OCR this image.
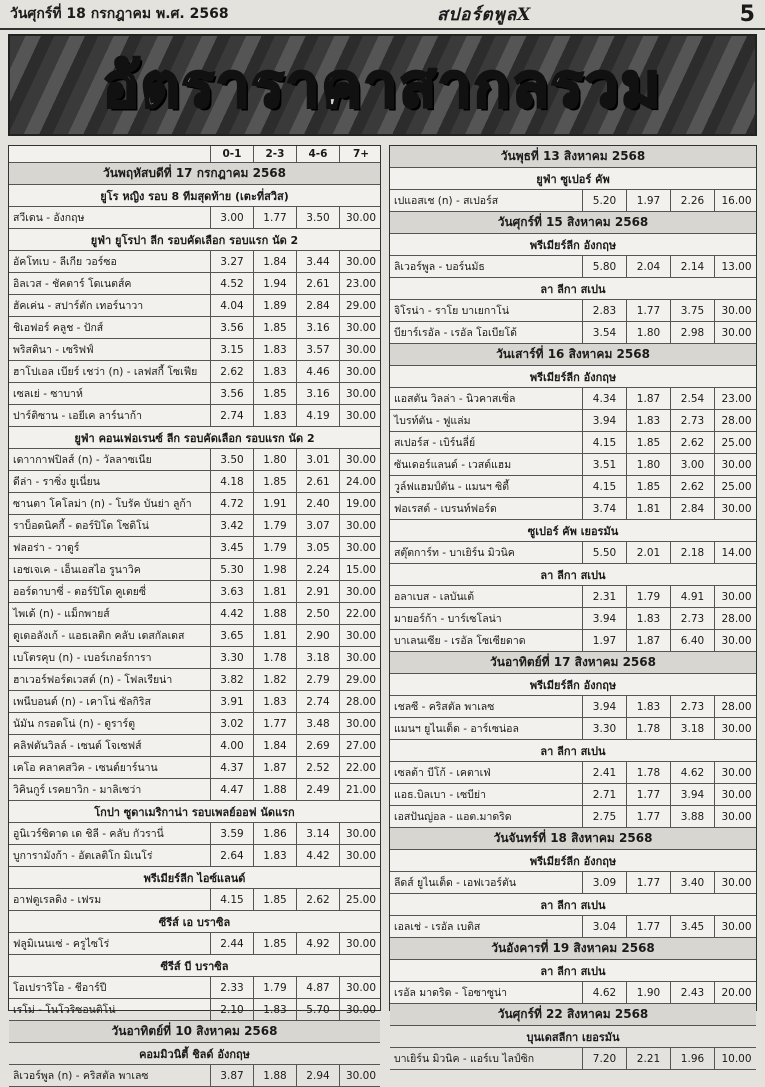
วันศุกร์ที่ 18 กรกฎาคม พ.ศ. 2568	สปอร์ตพูลX	5
อัตราราคาสากลรวม
0-1	2-3	4-6	7+
วันพฤหัสบดีที่ 17 กรกฎาคม 2568
ยูโร หญิง รอบ 8 ทีมสุดท้าย (เตะที่สวิส)
สวีเดน - อังกฤษ	3.00	1.77	3.50	30.00
ยูฟ่า ยูโรปา ลีก รอบคัดเลือก รอบแรก นัด 2
อัคโทเบ - ลีเกีย วอร์ซอ	3.27	1.84	3.44	30.00
อิลเวส - ชัคตาร์ โดเนตส์ค	4.52	1.94	2.61	23.00
ฮัคเค่น - สปาร์ตัก เทอร์นาวา	4.04	1.89	2.84	29.00
ชิเอฟอร์ คลูช - ปักส์	3.56	1.85	3.16	30.00
พริสตินา - เซริฟฟ์	3.15	1.83	3.57	30.00
ฮาโปเอล เบียร์ เชว่า (n) - เลฟสกี้ โซเฟีย	2.62	1.83	4.46	30.00
เซลเย่ - ซาบาห์	3.56	1.85	3.16	30.00
ปาร์ติซาน - เอยีเค ลาร์นาก้า	2.74	1.83	4.19	30.00
ยูฟ่า คอนเฟอเรนซ์ ลีก รอบคัดเลือก รอบแรก นัด 2
เดาากาฟปิลส์ (n) - วัลลาซเนีย	3.50	1.80	3.01	30.00
ดีล่า - ราซิ่ง ยูเนี่ยน	4.18	1.85	2.61	24.00
ซานตา โคโลม่า (n) - โบรัค บันย่า ลูก้า	4.72	1.91	2.40	19.00
ราบ็อดนิคกี้ - ดอร์ปิโด โซดิโน่	3.42	1.79	3.07	30.00
ฟลอร่า - วาดูร์	3.45	1.79	3.05	30.00
เอชเจเค - เอ็นเอสไอ รูนาวิค	5.30	1.98	2.24	15.00
ออร์ดาบาซี่ - ตอร์ปิโด คูเตยซี่	3.63	1.81	2.91	30.00
ไพเด้ (n) - แม็กพายส์	4.42	1.88	2.50	22.00
ดูเดอลังเก้ - แอธเลติก คลับ เดสกัลเดส	3.65	1.81	2.90	30.00
เบโตรคุบ (n) - เบอร์เกอร์การา	3.30	1.78	3.18	30.00
ฮาเวอร์ฟอร์ดเวสต์ (n) - โฟลเรียน่า	3.82	1.82	2.79	29.00
เพนีบอนต์ (n) - เคาโน่ ซัลกิริส	3.91	1.83	2.74	28.00
นัมัน กรอดโน่ (n) - ดูราร์ตู	3.02	1.77	3.48	30.00
คลิฟตันวิลล์ - เซนต์ โจเซฟส์	4.00	1.84	2.69	27.00
เคโอ คลาคสวิค - เซนต์ยาร์นาน	4.37	1.87	2.52	22.00
วิคินกูร์ เรคยาวิก - มาลิเซว่า	4.47	1.88	2.49	21.00
โกปา ซูดาเมริกาน่า รอบเพลย์ออฟ นัดแรก
อูนิเวร์ซิดาด เด ชิลี - คลับ กัวรานี่	3.59	1.86	3.14	30.00
บูการามังก้า - อัตเลติโก มิเนโร่	2.64	1.83	4.42	30.00
พรีเมียร์ลีก ไอซ์แลนด์
อาฟตูเรลดิง - เฟรม	4.15	1.85	2.62	25.00
ซีรีส์ เอ บราซิล
ฟลูมิเนนเซ่ - ครูไซโร่	2.44	1.85	4.92	30.00
ซีรีส์ บี บราซิล
โอเปราริโอ - ชีอาร์ปี	2.33	1.79	4.87	30.00
เรโม่ - โนโวริซอนติโน่	2.10	1.83	5.70	30.00
วันอาทิตย์ที่ 10 สิงหาคม 2568
คอมมิวนิตี้ ชิลด์ อังกฤษ
ลิเวอร์พูล (n) - คริสตัล พาเลซ	3.87	1.88	2.94	30.00
วันพุธที่ 13 สิงหาคม 2568
ยูฟ่า ซูเปอร์ คัพ
เปแอสเช (n) - สเปอร์ส	5.20	1.97	2.26	16.00
วันศุกร์ที่ 15 สิงหาคม 2568
พรีเมียร์ลีก อังกฤษ
ลิเวอร์พูล - บอร์นมัธ	5.80	2.04	2.14	13.00
ลา ลีกา สเปน
จิโรน่า - ราโย บาเยกาโน่	2.83	1.77	3.75	30.00
บียาร์เรอัล - เรอัล โอเบียโด้	3.54	1.80	2.98	30.00
วันเสาร์ที่ 16 สิงหาคม 2568
พรีเมียร์ลีก อังกฤษ
แอสตัน วิลล่า - นิวคาสเซิ่ล	4.34	1.87	2.54	23.00
ไบรท์ตัน - ฟูแล่ม	3.94	1.83	2.73	28.00
สเปอร์ส - เบิร์นลี่ย์	4.15	1.85	2.62	25.00
ซันเดอร์แลนด์ - เวสต์แฮม	3.51	1.80	3.00	30.00
วูล์ฟแฮมป์ตัน - แมนฯ ซิตี้	4.15	1.85	2.62	25.00
ฟอเรสต์ - เบรนท์ฟอร์ด	3.74	1.81	2.84	30.00
ซูเปอร์ คัพ เยอรมัน
สตุ๊ตการ์ท - บาเยิร์น มิวนิค	5.50	2.01	2.18	14.00
ลา ลีกา สเปน
อลาเบส - เลบันเต้	2.31	1.79	4.91	30.00
มายอร์ก้า - บาร์เซโลน่า	3.94	1.83	2.73	28.00
บาเลนเซีย - เรอัล โซเซียดาด	1.97	1.87	6.40	30.00
วันอาทิตย์ที่ 17 สิงหาคม 2568
พรีเมียร์ลีก อังกฤษ
เชลซี - คริสตัล พาเลซ	3.94	1.83	2.73	28.00
แมนฯ ยูไนเต็ด - อาร์เซน่อล	3.30	1.78	3.18	30.00
ลา ลีกา สเปน
เซลต้า บีโก้ - เคตาเฟ่	2.41	1.78	4.62	30.00
แอธ.บิลเบา - เซบีย่า	2.71	1.77	3.94	30.00
เอสปันญ่อล - แอต.มาดริด	2.75	1.77	3.88	30.00
วันจันทร์ที่ 18 สิงหาคม 2568
พรีเมียร์ลีก อังกฤษ
ลีดส์ ยูไนเต็ด - เอฟเวอร์ตัน	3.09	1.77	3.40	30.00
ลา ลีกา สเปน
เอลเช่ - เรอัล เบติส	3.04	1.77	3.45	30.00
วันอังคารที่ 19 สิงหาคม 2568
ลา ลีกา สเปน
เรอัล มาดริด - โอซาซูน่า	4.62	1.90	2.43	20.00
วันศุกร์ที่ 22 สิงหาคม 2568
บุนเดสลีกา เยอรมัน
บาเยิร์น มิวนิค - แอร์เบ ไลป์ซิก	7.20	2.21	1.96	10.00
